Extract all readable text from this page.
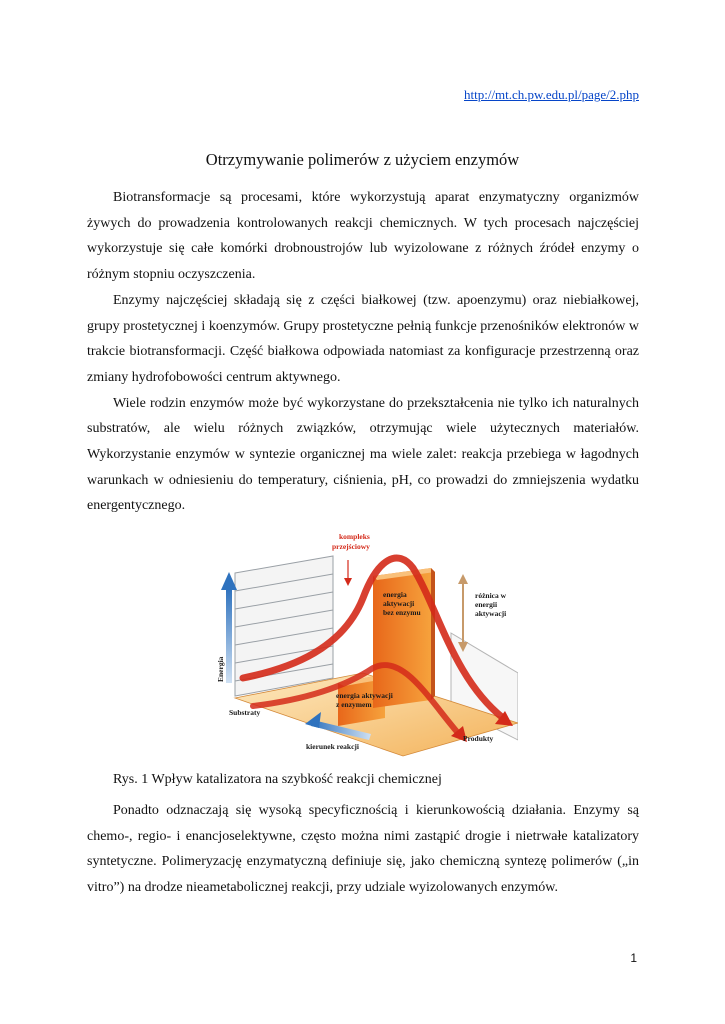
http://mt.ch.pw.edu.pl/page/2.php
Otrzymywanie polimerów z użyciem enzymów

Biotransformacje są procesami, które wykorzystują aparat enzymatyczny organizmów żywych do prowadzenia kontrolowanych reakcji chemicznych. W tych procesach najczęściej wykorzystuje się całe komórki drobnoustrojów lub wyizolowane z różnych źródeł enzymy o różnym stopniu oczyszczenia.

Enzymy najczęściej składają się z części białkowej (tzw. apoenzymu) oraz niebiałkowej, grupy prostetycznej i koenzymów. Grupy prostetyczne pełnią funkcje przenośników elektronów w trakcie biotransformacji. Część białkowa odpowiada natomiast za konfiguracje przestrzenną oraz zmiany hydrofobowości centrum aktywnego.

Wiele rodzin enzymów może być wykorzystane do przekształcenia nie tylko ich naturalnych substratów, ale wielu różnych związków, otrzymując wiele użytecznych materiałów. Wykorzystanie enzymów w syntezie organicznej ma wiele zalet: reakcja przebiega w łagodnych warunkach w odniesieniu do temperatury, ciśnienia, pH, co prowadzi do zmniejszenia wydatku energentycznego.

kompleks
przejściowy
energia
aktywacji
bez enzymu
różnica w
energii
aktywacji
Energia
energia aktywacji
z enzymem
Substraty
Produkty
kierunek reakcji
Rys. 1 Wpływ katalizatora na szybkość reakcji chemicznej

Ponadto odznaczają się wysoką specyficznością i kierunkowością działania. Enzymy są chemo-, regio- i enancjoselektywne, często można nimi zastąpić drogie i nietrwałe katalizatory syntetyczne. Polimeryzację enzymatyczną definiuje się, jako chemiczną syntezę polimerów („in vitro”) na drodze nieametabolicznej reakcji, przy udziale wyizolowanych enzymów.

1
